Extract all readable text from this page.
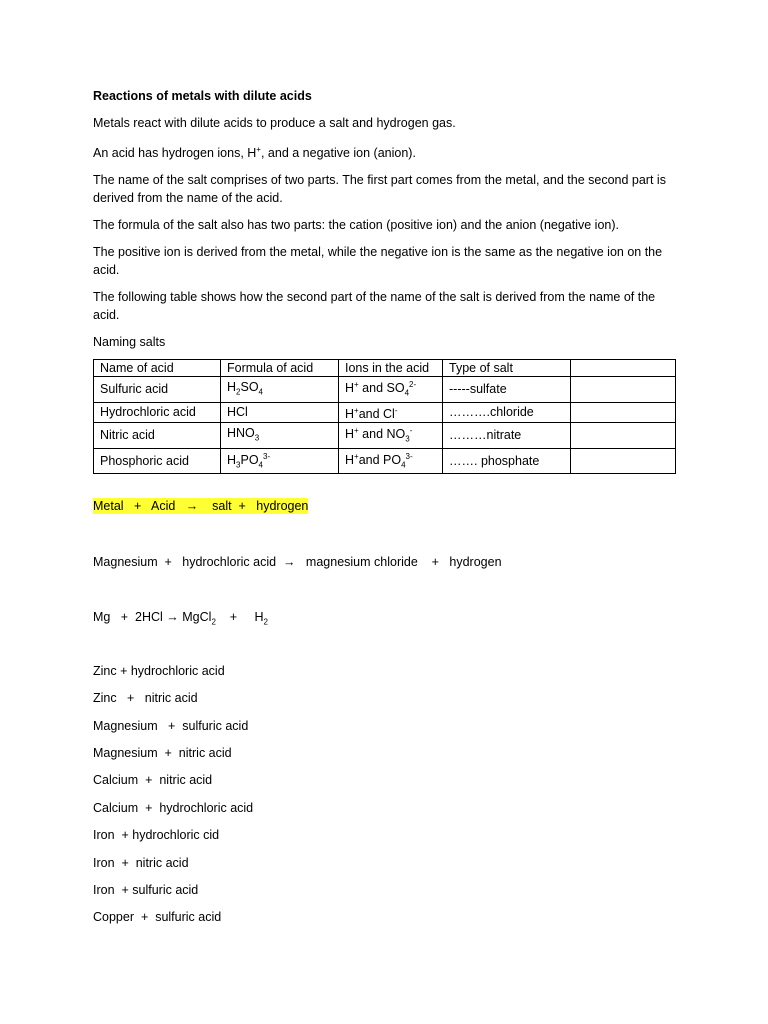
Reactions of metals with dilute acids

Metals react with dilute acids to produce a salt and hydrogen gas.

An acid has hydrogen ions, H+, and a negative ion (anion).

The name of the salt comprises of two parts. The first part comes from the metal, and the second part is derived from the name of the acid.

The formula of the salt also has two parts: the cation (positive ion) and the anion (negative ion).

The positive ion is derived from the metal, while the negative ion is the same as the negative ion on the acid.

The following table shows how the second part of the name of the salt is derived from the name of the acid.

Naming salts

Name of acid	Formula of acid	Ions in the acid	Type of salt	
Sulfuric acid	$H_2SO_4$	H+ and $SO_4^{2-}$	-----sulfate	
Hydrochloric acid	HCl	H+and Cl-	……….chloride	
Nitric acid	$HNO_3$	H+ and $NO_3^-$	………nitrate	
Phosphoric acid	$H_3PO_4^{3-}$	H+and $PO_4^{3-}$	……. phosphate	
Metal   +   Acid   →    salt  +   hydrogen
Magnesium  +   hydrochloric acid  →   magnesium chloride    +   hydrogen
Mg   +  2HCl → MgCl$_2$    +     $H_2$
Zinc + hydrochloric acid
Zinc   +   nitric acid
Magnesium   +  sulfuric acid
Magnesium  +  nitric acid
Calcium  +  nitric acid
Calcium  +  hydrochloric acid
Iron  + hydrochloric cid
Iron  +  nitric acid
Iron  + sulfuric acid
Copper  +  sulfuric acid
